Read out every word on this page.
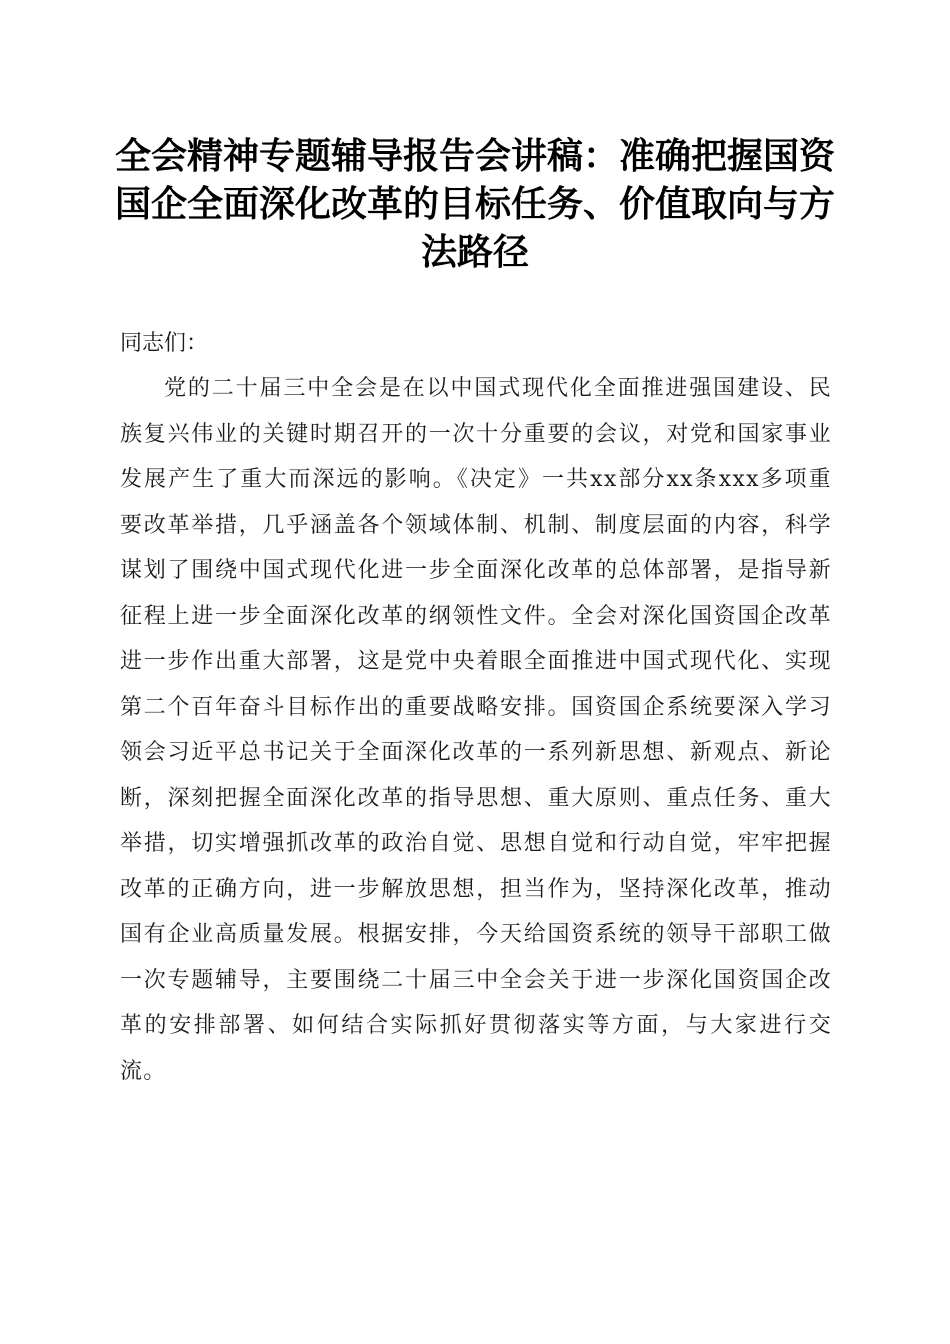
全会精神专题辅导报告会讲稿：准确把握国资国企全面深化改革的目标任务、价值取向与方法路径

同志们：

党的二十届三中全会是在以中国式现代化全面推进强国建设、民族复兴伟业的关键时期召开的一次十分重要的会议，对党和国家事业发展产生了重大而深远的影响。《决定》一共xx部分xx条xxx多项重要改革举措，几乎涵盖各个领域体制、机制、制度层面的内容，科学谋划了围绕中国式现代化进一步全面深化改革的总体部署，是指导新征程上进一步全面深化改革的纲领性文件。全会对深化国资国企改革进一步作出重大部署，这是党中央着眼全面推进中国式现代化、实现第二个百年奋斗目标作出的重要战略安排。国资国企系统要深入学习领会习近平总书记关于全面深化改革的一系列新思想、新观点、新论断，深刻把握全面深化改革的指导思想、重大原则、重点任务、重大举措，切实增强抓改革的政治自觉、思想自觉和行动自觉，牢牢把握改革的正确方向，进一步解放思想，担当作为，坚持深化改革，推动国有企业高质量发展。根据安排，今天给国资系统的领导干部职工做一次专题辅导，主要围绕二十届三中全会关于进一步深化国资国企改革的安排部署、如何结合实际抓好贯彻落实等方面，与大家进行交流。
